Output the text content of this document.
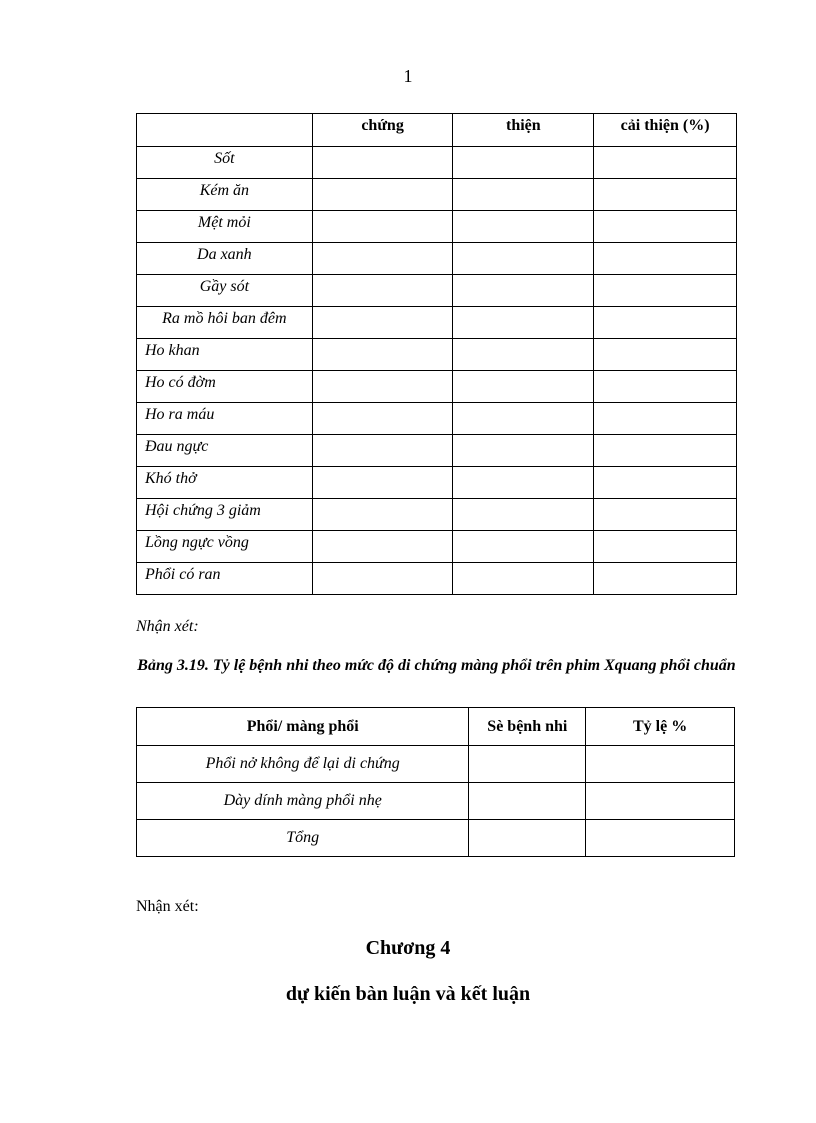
1
	chứng	thiện	cải thiện (%)
Sốt			
Kém ăn			
Mệt mỏi			
Da xanh			
Gầy sót			
Ra mồ hôi ban đêm			
Ho khan			
Ho có đờm			
Ho ra máu			
Đau ngực			
Khó thở			
Hội chứng 3 giảm			
Lồng ngực vồng			
Phổi có ran			
Nhận xét:
Bảng 3.19. Tỷ lệ bệnh nhi theo mức độ di chứng màng phổi trên phim Xquang phổi chuẩn
Phổi/ màng phổi	Sè bệnh nhi	Tỷ lệ %
Phổi nở không để lại di chứng		
Dày dính màng phổi nhẹ		
Tổng		
Nhận xét:
Chương 4
dự kiến bàn luận và kết luận
